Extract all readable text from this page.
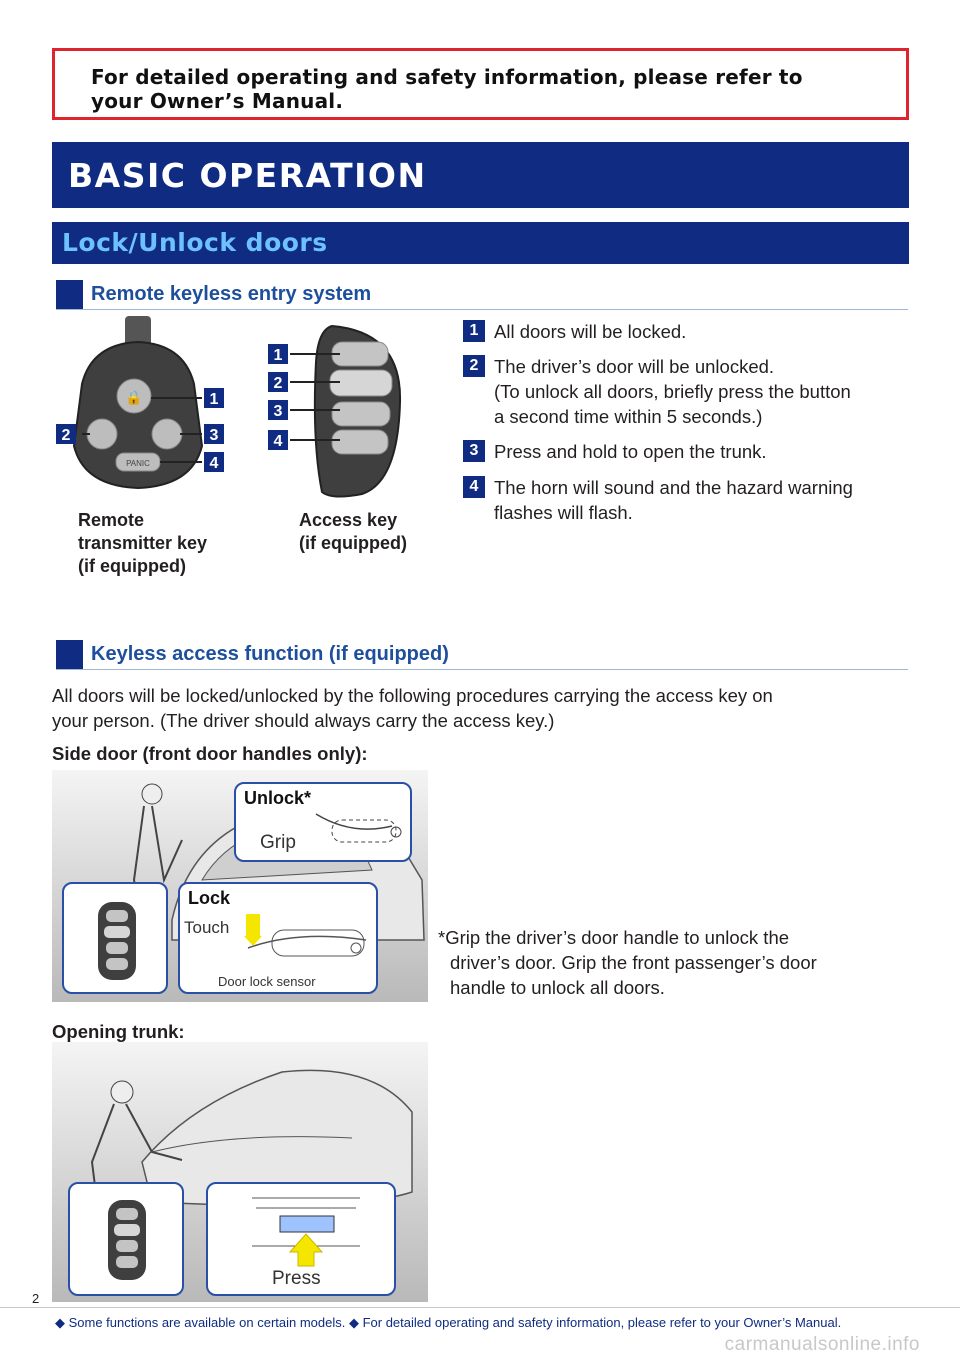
For detailed operating and safety information, please refer to
your Owner’s Manual.
BASIC OPERATION
Lock/Unlock doors
Remote keyless entry system
🔒
PANIC
1
2	3
4
1
2
3
4
Remote
transmitter key
(if equipped)
Access key
(if equipped)
1 All doors will be locked.
2 The driver’s door will be unlocked.
(To unlock all doors, briefly press the button
a second time within 5 seconds.)
3 Press and hold to open the trunk.
4 The horn will sound and the hazard warning
flashes will flash.
Keyless access function (if equipped)
All doors will be locked/unlocked by the following procedures carrying the access key on
your person. (The driver should always carry the access key.)
Side door (front door handles only):
Unlock*
Grip
Lock
Touch
Door lock sensor
*Grip the driver’s door handle to unlock the
driver’s door. Grip the front passenger’s door
handle to unlock all doors.
Opening trunk:
Press
2
◆ Some functions are available on certain models. ◆ For detailed operating and safety information, please refer to your Owner’s Manual.
carmanualsonline.info
